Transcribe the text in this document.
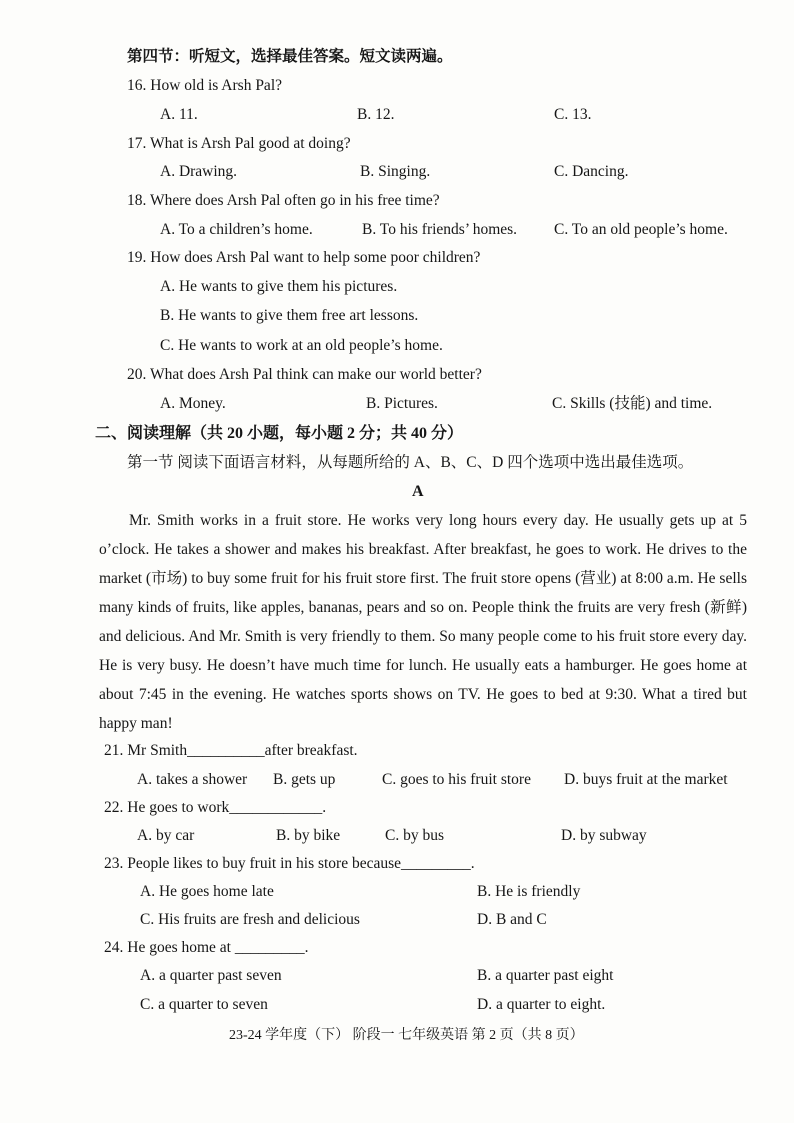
第四节：听短文，选择最佳答案。短文读两遍。
16. How old is Arsh Pal?
A. 11.	B. 12.	C. 13.
17. What is Arsh Pal good at doing?
A. Drawing.	B. Singing.	C. Dancing.
18. Where does Arsh Pal often go in his free time?
A. To a children’s home.	B. To his friends’ homes. C. To an old people’s home.
19. How does Arsh Pal want to help some poor children?
A. He wants to give them his pictures.
B. He wants to give them free art lessons.
C. He wants to work at an old people’s home.
20. What does Arsh Pal think can make our world better?
A. Money.	B. Pictures.	C. Skills (技能) and time.
二、阅读理解（共 20 小题，每小题 2 分；共 40 分）
第一节 阅读下面语言材料，从每题所给的 A、B、C、D 四个选项中选出最佳选项。
A

Mr. Smith works in a fruit store. He works very long hours every day. He usually gets up at 5 o’clock. He takes a shower and makes his breakfast. After breakfast, he goes to work. He drives to the market (市场) to buy some fruit for his fruit store first. The fruit store opens (营业) at 8:00 a.m. He sells many kinds of fruits, like apples, bananas, pears and so on. People think the fruits are very fresh (新鲜) and delicious. And Mr. Smith is very friendly to them. So many people come to his fruit store every day. He is very busy. He doesn’t have much time for lunch. He usually eats a hamburger. He goes home at about 7:45 in the evening. He watches sports shows on TV. He goes to bed at 9:30. What a tired but happy man!

21. Mr Smith__________after breakfast.
A. takes a shower B. gets up	C. goes to his fruit store D. buys fruit at the market
22. He goes to work____________.
A. by car	B. by bike	C. by bus	D. by subway
23. People likes to buy fruit in his store because_________.
A. He goes home late	B. He is friendly
C. His fruits are fresh and delicious	D. B and C
24. He goes home at _________.
A. a quarter past seven	B. a quarter past eight
C. a quarter to seven	D. a quarter to eight.
23-24 学年度（下） 阶段一 七年级英语 第 2 页（共 8 页）
